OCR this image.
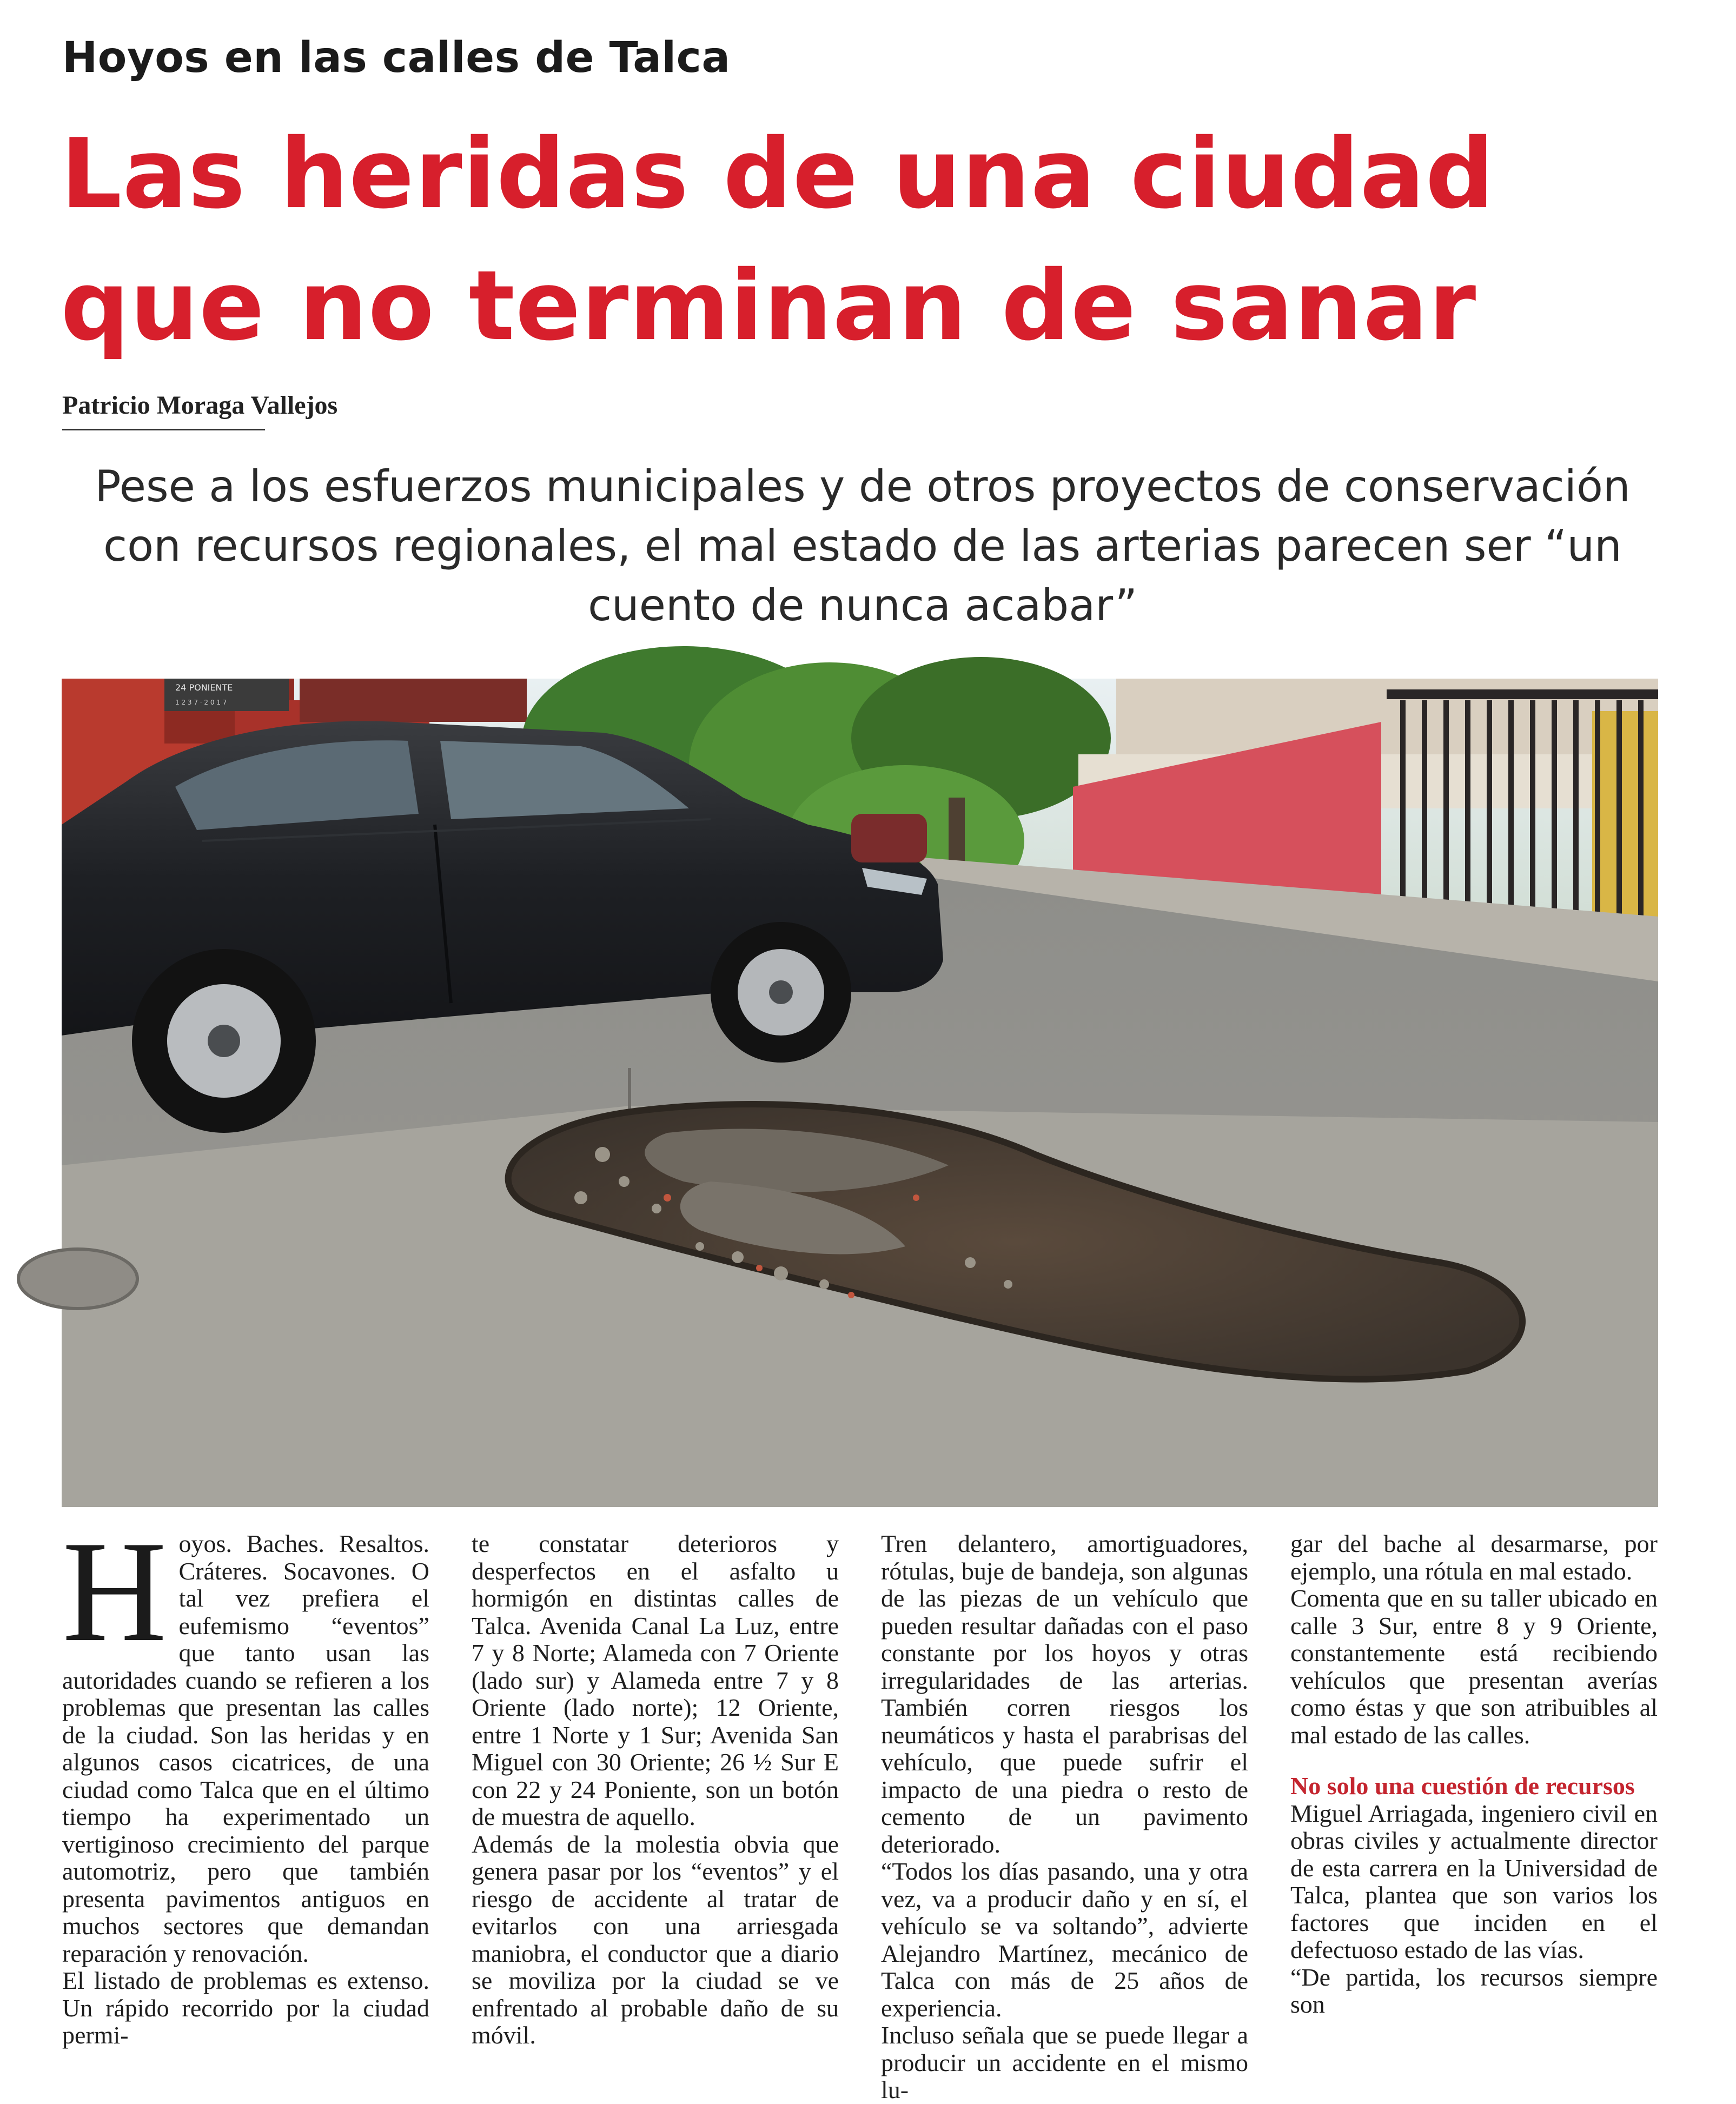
Hoyos en las calles de Talca
Las heridas de una ciudad
que no terminan de sanar
Patricio Moraga Vallejos
Pese a los esfuerzos municipales y de otros proyectos de conservación con recursos regionales, el mal estado de las arterias parecen ser “un cuento de nunca acabar”
24 PONIENTE
1 2 3 7 · 2 0 1 7

Hoyos. Baches. Resaltos. Cráteres. Socavones. O tal vez prefiera el eufemismo “eventos” que tanto usan las autoridades cuando se refieren a los problemas que presentan las calles de la ciudad. Son las heridas y en algunos casos cicatrices, de una ciudad como Talca que en el último tiempo ha experimentado un vertiginoso crecimiento del parque automotriz, pero que también presenta pavimentos antiguos en muchos sectores que demandan reparación y renovación.

El listado de problemas es extenso. Un rápido recorrido por la ciudad permi-

te constatar deterioros y desperfectos en el asfalto u hormigón en distintas calles de Talca. Avenida Canal La Luz, entre 7 y 8 Norte; Alameda con 7 Oriente (lado sur) y Alameda entre 7 y 8 Oriente (lado norte); 12 Oriente, entre 1 Norte y 1 Sur; Avenida San Miguel con 30 Oriente; 26 ½ Sur E con 22 y 24 Poniente, son un botón de muestra de aquello.

Además de la molestia obvia que genera pasar por los “eventos” y el riesgo de accidente al tratar de evitarlos con una arriesgada maniobra, el conductor que a diario se moviliza por la ciudad se ve enfrentado al probable daño de su móvil.

Tren delantero, amortiguadores, rótulas, buje de bandeja, son algunas de las piezas de un vehículo que pueden resultar dañadas con el paso constante por los hoyos y otras irregularidades de las arterias. También corren riesgos los neumáticos y hasta el parabrisas del vehículo, que puede sufrir el impacto de una piedra o resto de cemento de un pavimento deteriorado.

“Todos los días pasando, una y otra vez, va a producir daño y en sí, el vehículo se va soltando”, advierte Alejandro Martínez, mecánico de Talca con más de 25 años de experiencia.

Incluso señala que se puede llegar a producir un accidente en el mismo lu-

gar del bache al desarmarse, por ejemplo, una rótula en mal estado.

Comenta que en su taller ubicado en calle 3 Sur, entre 8 y 9 Oriente, constantemente está recibiendo vehículos que presentan averías como éstas y que son atribuibles al mal estado de las calles.

No solo una cuestión de recursos

Miguel Arriagada, ingeniero civil en obras civiles y actualmente director de esta carrera en la Universidad de Talca, plantea que son varios los factores que inciden en el defectuoso estado de las vías.

“De partida, los recursos siempre son
